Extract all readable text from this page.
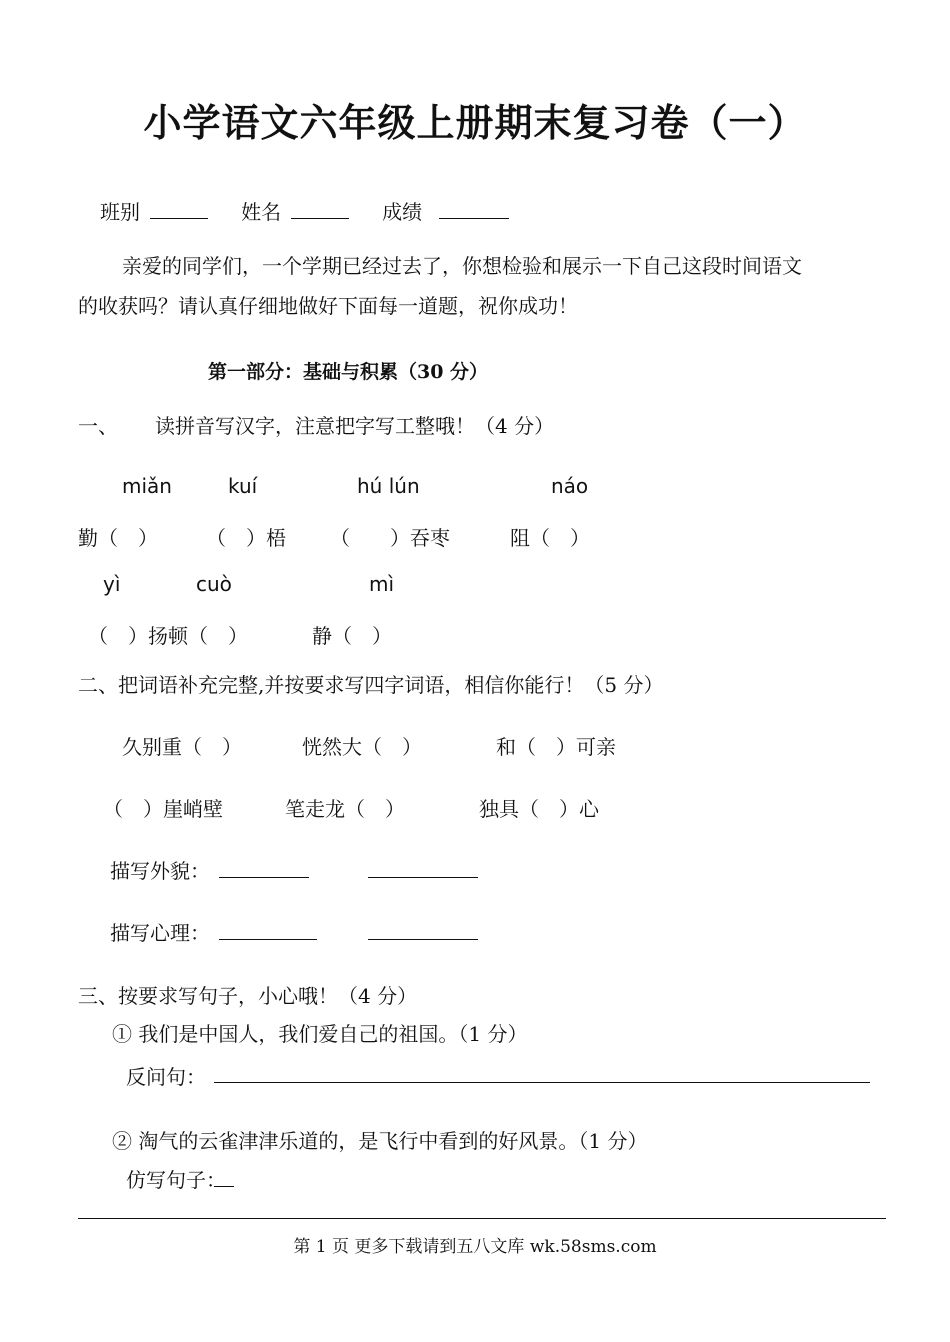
小学语文六年级上册期末复习卷（一）
班别	姓名	成绩
亲爱的同学们，一个学期已经过去了，你想检验和展示一下自己这段时间语文
的收获吗？请认真仔细地做好下面每一道题，祝你成功！
第一部分：基础与积累（30 分）
一、 读拼音写汉字，注意把字写工整哦！（4 分）
miǎn	kuí	hú lún	náo
勤（　） （　）梧 （　　）吞枣	阻（　）
yì	cuò	mì
（　）扬顿（　）	静（　）
二、把词语补充完整,并按要求写四字词语，相信你能行！（5 分）
久别重（　）	恍然大（　）	和（　）可亲
（　）崖峭壁	笔走龙（　）	独具（　）心
描写外貌：
描写心理：
三、按要求写句子，小心哦！（4 分）
① 我们是中国人，我们爱自己的祖国。（1 分）
反问句：
② 淘气的云雀津津乐道的，是飞行中看到的好风景。（1 分）
仿写句子：
第 1 页 更多下载请到五八文库 wk.58sms.com
